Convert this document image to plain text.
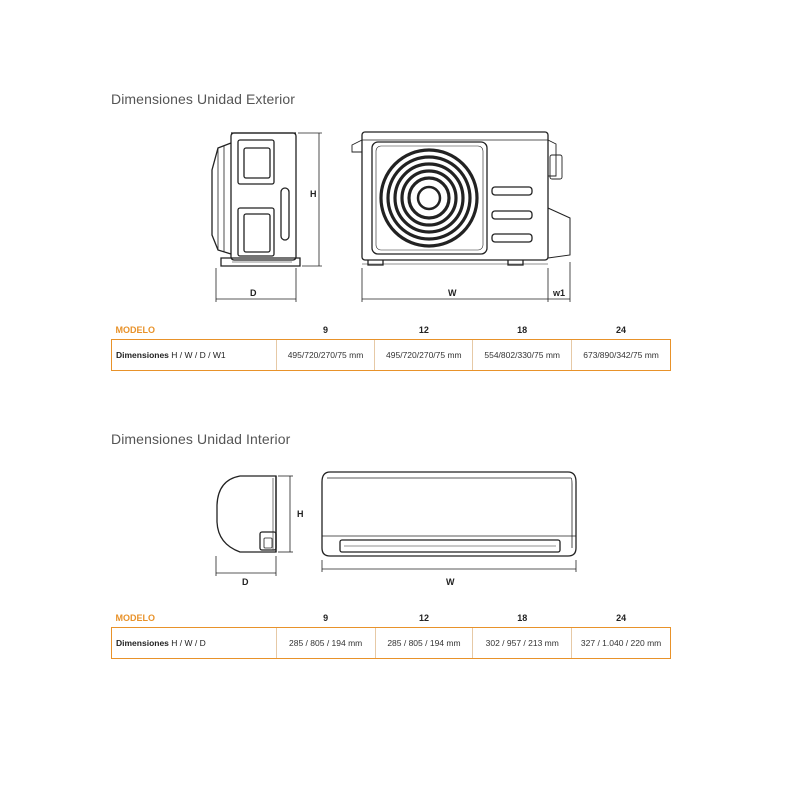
Dimensiones Unidad Exterior
H
D	W	w1
H
D	W
MODELO	9	12	18	24
Dimensiones H / W / D / W1	495/720/270/75 mm	495/720/270/75 mm	554/802/330/75 mm	673/890/342/75 mm
Dimensiones Unidad Interior
MODELO	9	12	18	24
Dimensiones H / W / D	285 / 805 / 194 mm	285 / 805 / 194 mm	302 / 957 / 213 mm	327 / 1.040 / 220 mm
